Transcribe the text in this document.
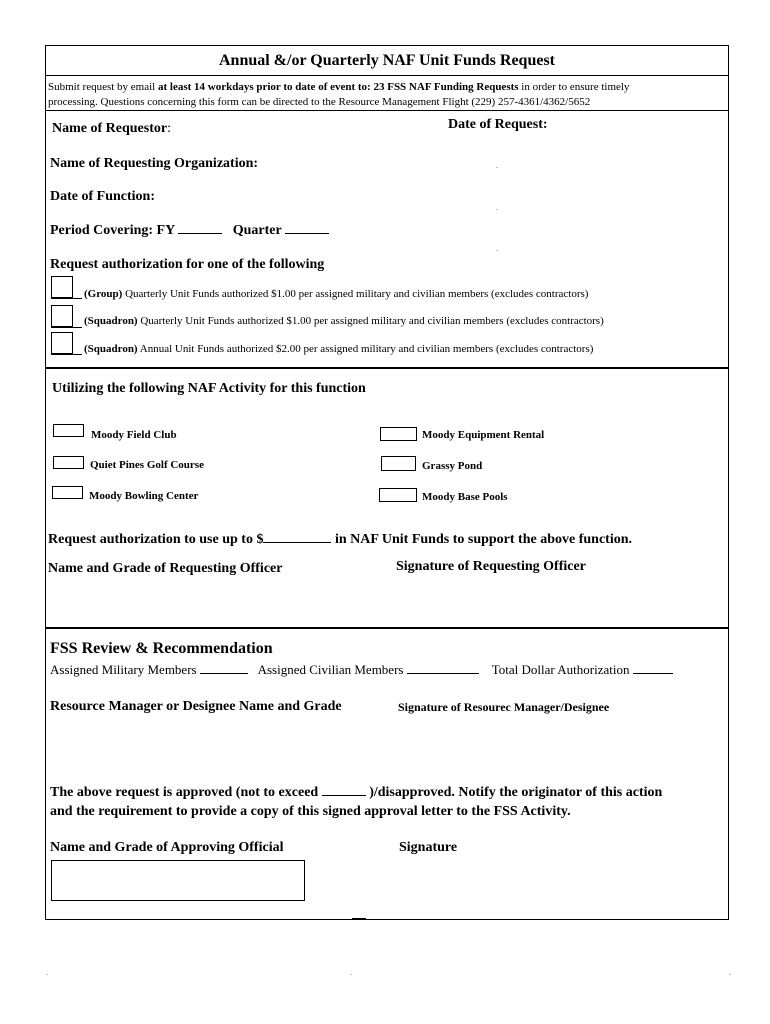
Annual &/or Quarterly NAF Unit Funds Request
Submit request by email at least 14 workdays prior to date of event to: 23 FSS NAF Funding Requests in order to ensure timely
processing. Questions concerning this form can be directed to the Resource Management Flight (229) 257-4361/4362/5652
Name of Requestor:	Date of Request:
Name of Requesting Organization:
Date of Function:
Period Covering: FY	Quarter
.
.
.
Request authorization for one of the following
(Group) Quarterly Unit Funds authorized $1.00 per assigned military and civilian members (excludes contractors)
(Squadron) Quarterly Unit Funds authorized $1.00 per assigned military and civilian members (excludes contractors)
(Squadron) Annual Unit Funds authorized $2.00 per assigned military and civilian members (excludes contractors)
Utilizing the following NAF Activity for this function
Moody Field Club	Moody Equipment Rental
Quiet Pines Golf Course	Grassy Pond
Moody Bowling Center	Moody Base Pools
Request authorization to use up to $	in NAF Unit Funds to support the above function.
Name and Grade of Requesting Officer	Signature of Requesting Officer
FSS Review & Recommendation
Assigned Military Members	Assigned Civilian Members	Total Dollar Authorization
Resource Manager or Designee Name and Grade	Signature of Resourec Manager/Designee
The above request is approved (not to exceed	)/disapproved. Notify the originator of this action
and the requirement to provide a copy of this signed approval letter to the FSS Activity.
Name and Grade of Approving Official	Signature
.	.	.
